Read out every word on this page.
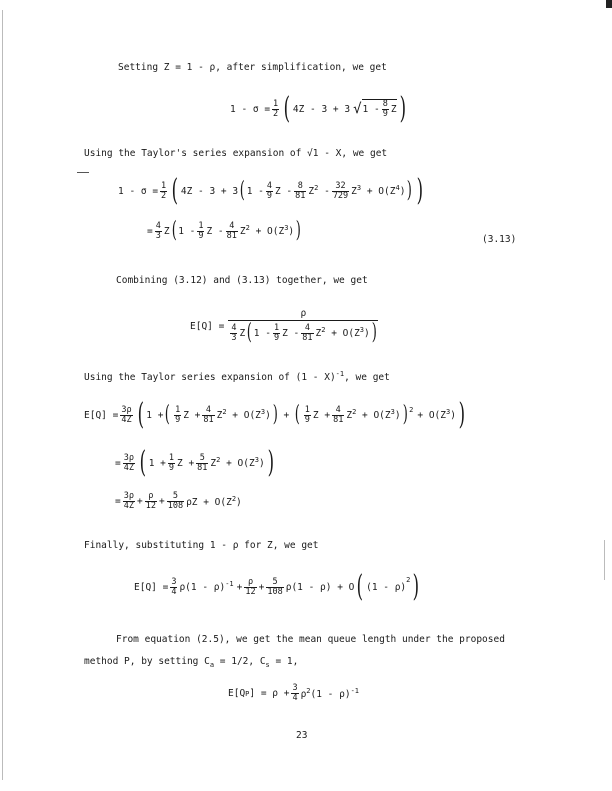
Setting Z = 1 - ρ, after simplification, we get
$1 - \sigma = \frac{1}{2}$ ( 4Z - 3 + 3 √ $1 - \frac{8}{9}$ Z )
Using the Taylor's series expansion of √1 - X, we get
$1 - \sigma = \frac{1}{2}$ ( 4Z - 3 + 3 ( $1 - \frac{4}{9}$ $Z - \frac{8}{81} Z^2 - \frac{32}{729} Z^3 + O(Z^4)$ ) )
= $\frac{4}{3}$ Z ( $1 - \frac{1}{9}$ $Z - \frac{4}{81} Z^2 + O(Z^3)$ )	(3.13)
Combining (3.12) and (3.13) together, we get
E[Q] =
ρ
$\frac{4}{3}$ Z ( $1 - \frac{1}{9}$ $Z - \frac{4}{81} Z^2 + O(Z^3)$ )
Using the Taylor series expansion of (1 - X)$^{-1}$, we get
$E[Q] = \frac{3\rho}{4Z}$ ( 1 + ( $\frac{1}{9}$ $Z + \frac{4}{81} Z^2 + O(Z^3)$ ) + ( $\frac{1}{9}$ $Z + \frac{4}{81} Z^2 + O(Z^3)$ )$^2$
+ $O(Z^3)$ )
= $\frac{3\rho}{4Z}$ ( $1 + \frac{1}{9}$ $Z + \frac{5}{81} Z^2 + O(Z^3)$ )
= $\frac{3\rho}{4Z} + \frac{\rho}{12} + \frac{5}{108}$ $\rho Z + O(Z^2)$
Finally, substituting 1 - ρ for Z, we get
$E[Q] = \frac{3}{4} \rho(1 - \rho)^{-1} + \frac{\rho}{12} + \frac{5}{108} \rho(1 - \rho) + O$ ( (1 - ρ)
$^2$ )
From equation (2.5), we get the mean queue length under the proposed
method P, by setting $C_a = 1/2$, $C_s = 1$,
E[Q P ] = $\rho + \frac{3}{4} \rho^2(1 - \rho)^{-1}$
23
